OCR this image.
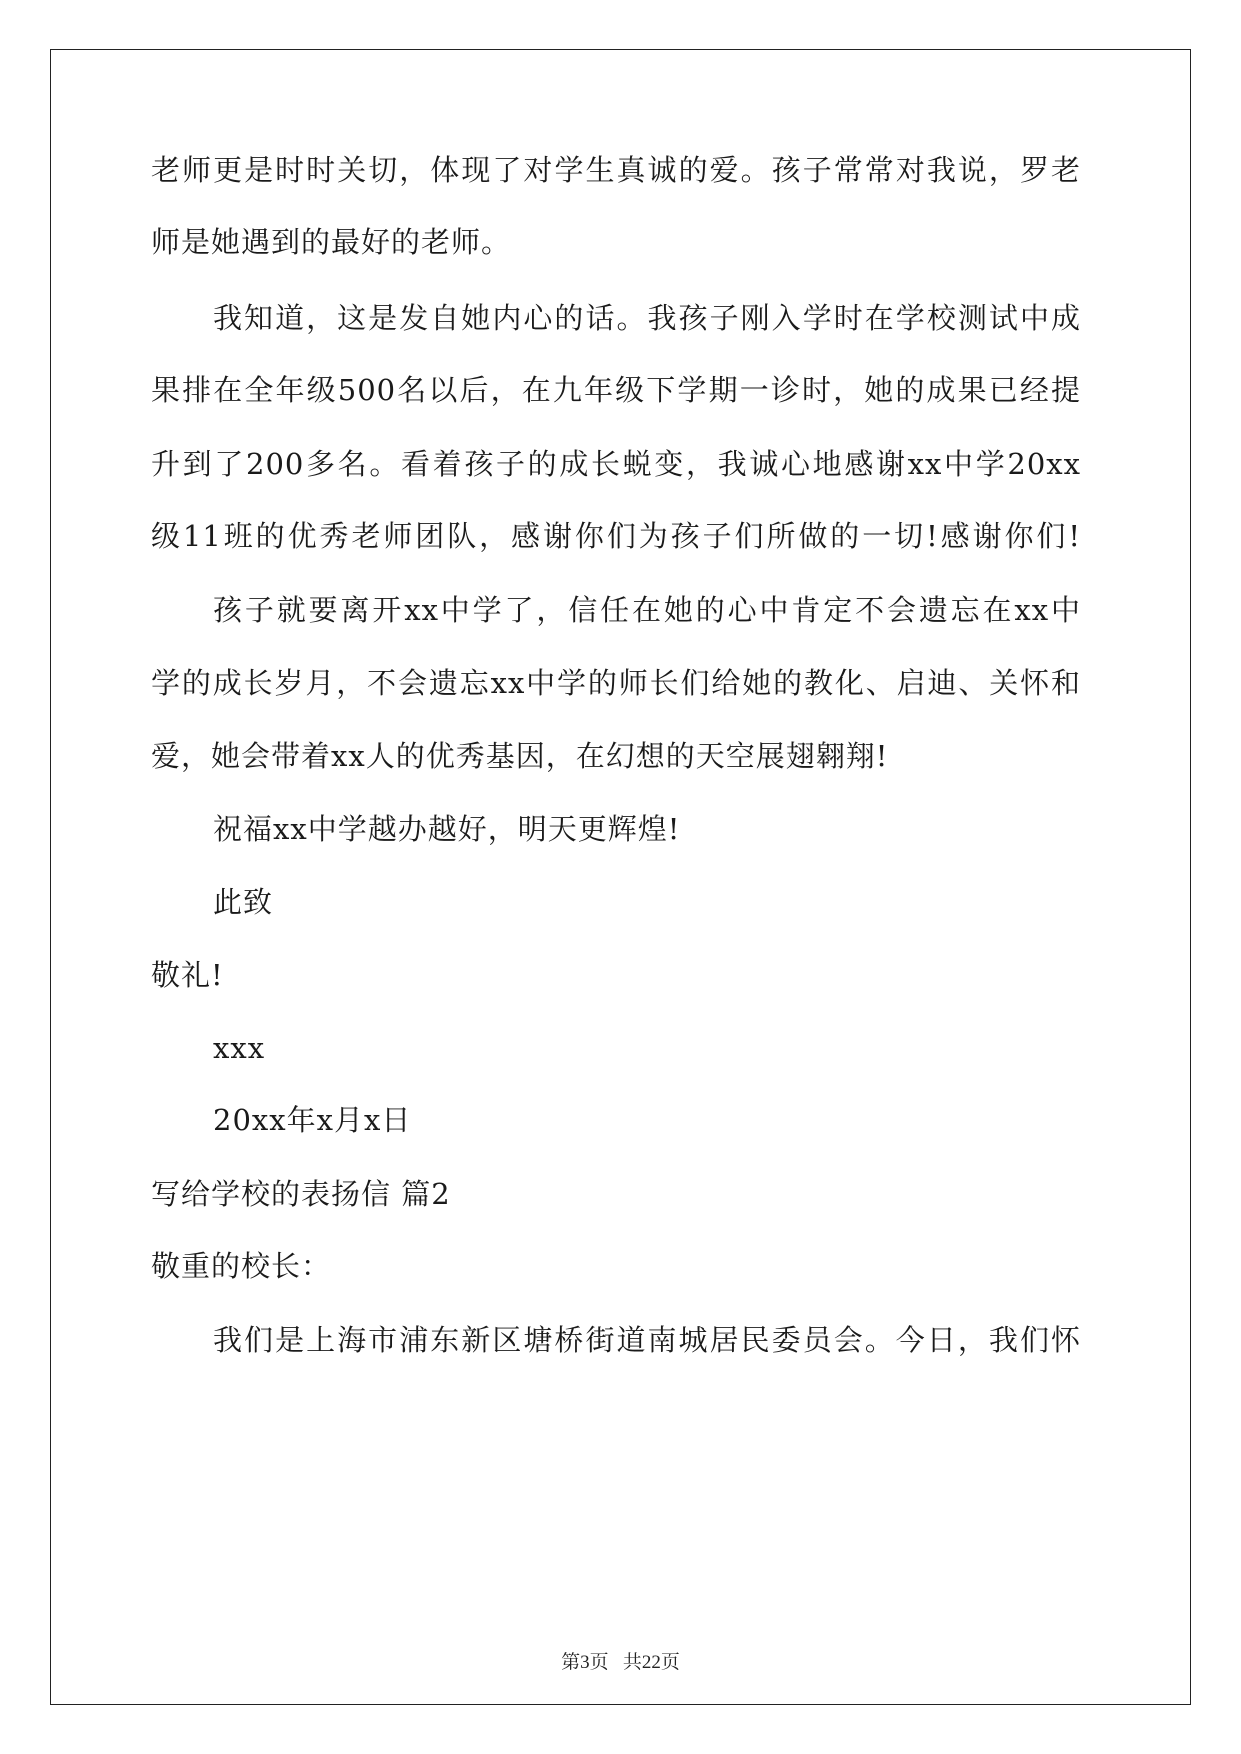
老师更是时时关切，体现了对学生真诚的爱。孩子常常对我说，罗老
师是她遇到的最好的老师。
我知道，这是发自她内心的话。我孩子刚入学时在学校测试中成
果排在全年级500名以后，在九年级下学期一诊时，她的成果已经提
升到了200多名。看着孩子的成长蜕变，我诚心地感谢xx中学20xx
级11班的优秀老师团队，感谢你们为孩子们所做的一切!感谢你们!
孩子就要离开xx中学了，信任在她的心中肯定不会遗忘在xx中
学的成长岁月，不会遗忘xx中学的师长们给她的教化、启迪、关怀和
爱，她会带着xx人的优秀基因，在幻想的天空展翅翱翔!
祝福xx中学越办越好，明天更辉煌!
此致
敬礼!
xxx
20xx年x月x日
写给学校的表扬信 篇2
敬重的校长：
我们是上海市浦东新区塘桥街道南城居民委员会。今日，我们怀
第3页   共22页
